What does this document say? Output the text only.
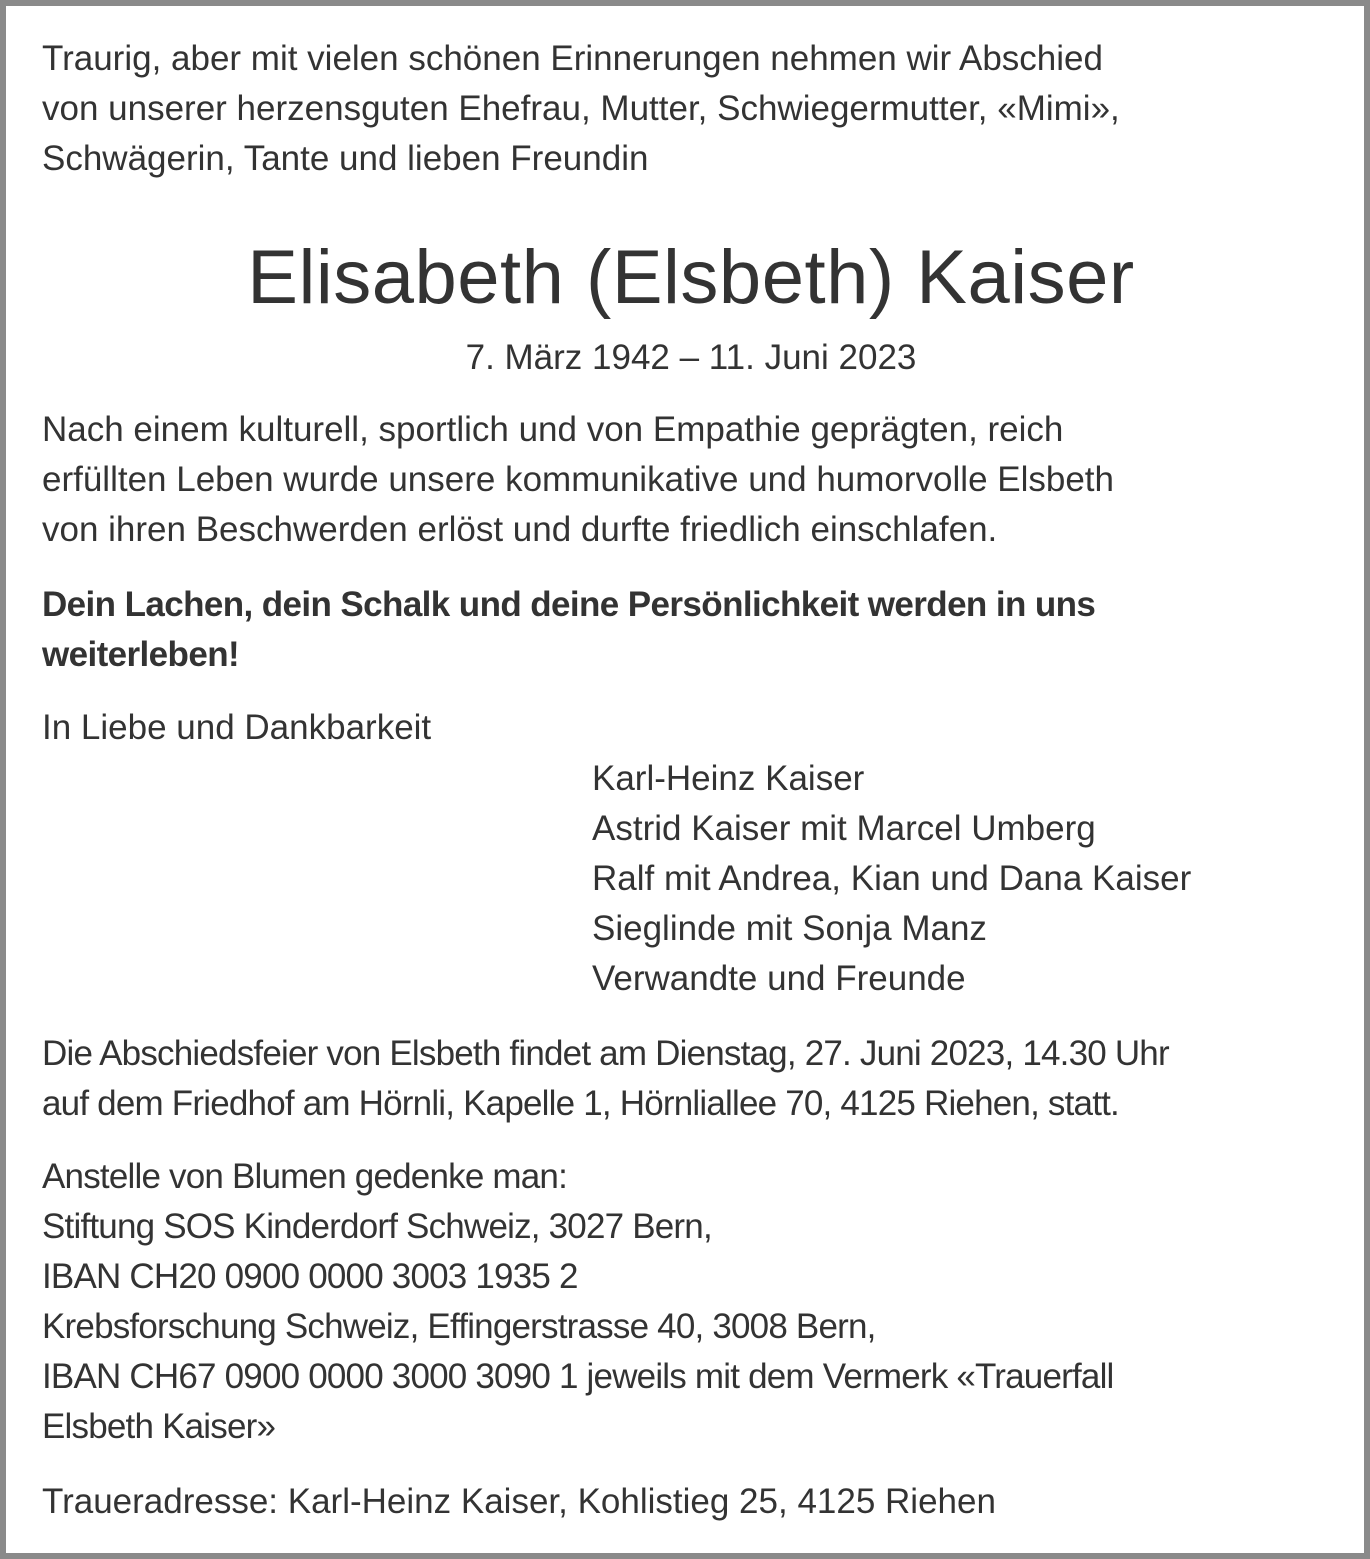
Traurig, aber mit vielen schönen Erinnerungen nehmen wir Abschied
von unserer herzensguten Ehefrau, Mutter, Schwiegermutter, «Mimi»,
Schwägerin, Tante und lieben Freundin
Elisabeth (Elsbeth) Kaiser
7. März 1942 – 11. Juni 2023
Nach einem kulturell, sportlich und von Empathie geprägten, reich
erfüllten Leben wurde unsere kommunikative und humorvolle Elsbeth
von ihren Beschwerden erlöst und durfte friedlich einschlafen.
Dein Lachen, dein Schalk und deine Persönlichkeit werden in uns
weiterleben!
In Liebe und Dankbarkeit
Karl-Heinz Kaiser
Astrid Kaiser mit Marcel Umberg
Ralf mit Andrea, Kian und Dana Kaiser
Sieglinde mit Sonja Manz
Verwandte und Freunde
Die Abschiedsfeier von Elsbeth findet am Dienstag, 27. Juni 2023, 14.30 Uhr
auf dem Friedhof am Hörnli, Kapelle 1, Hörnliallee 70, 4125 Riehen, statt.
Anstelle von Blumen gedenke man:
Stiftung SOS Kinderdorf Schweiz, 3027 Bern,
IBAN CH20 0900 0000 3003 1935 2
Krebsforschung Schweiz, Effingerstrasse 40, 3008 Bern,
IBAN CH67 0900 0000 3000 3090 1 jeweils mit dem Vermerk «Trauerfall
Elsbeth Kaiser»
Traueradresse: Karl-Heinz Kaiser, Kohlistieg 25, 4125 Riehen
